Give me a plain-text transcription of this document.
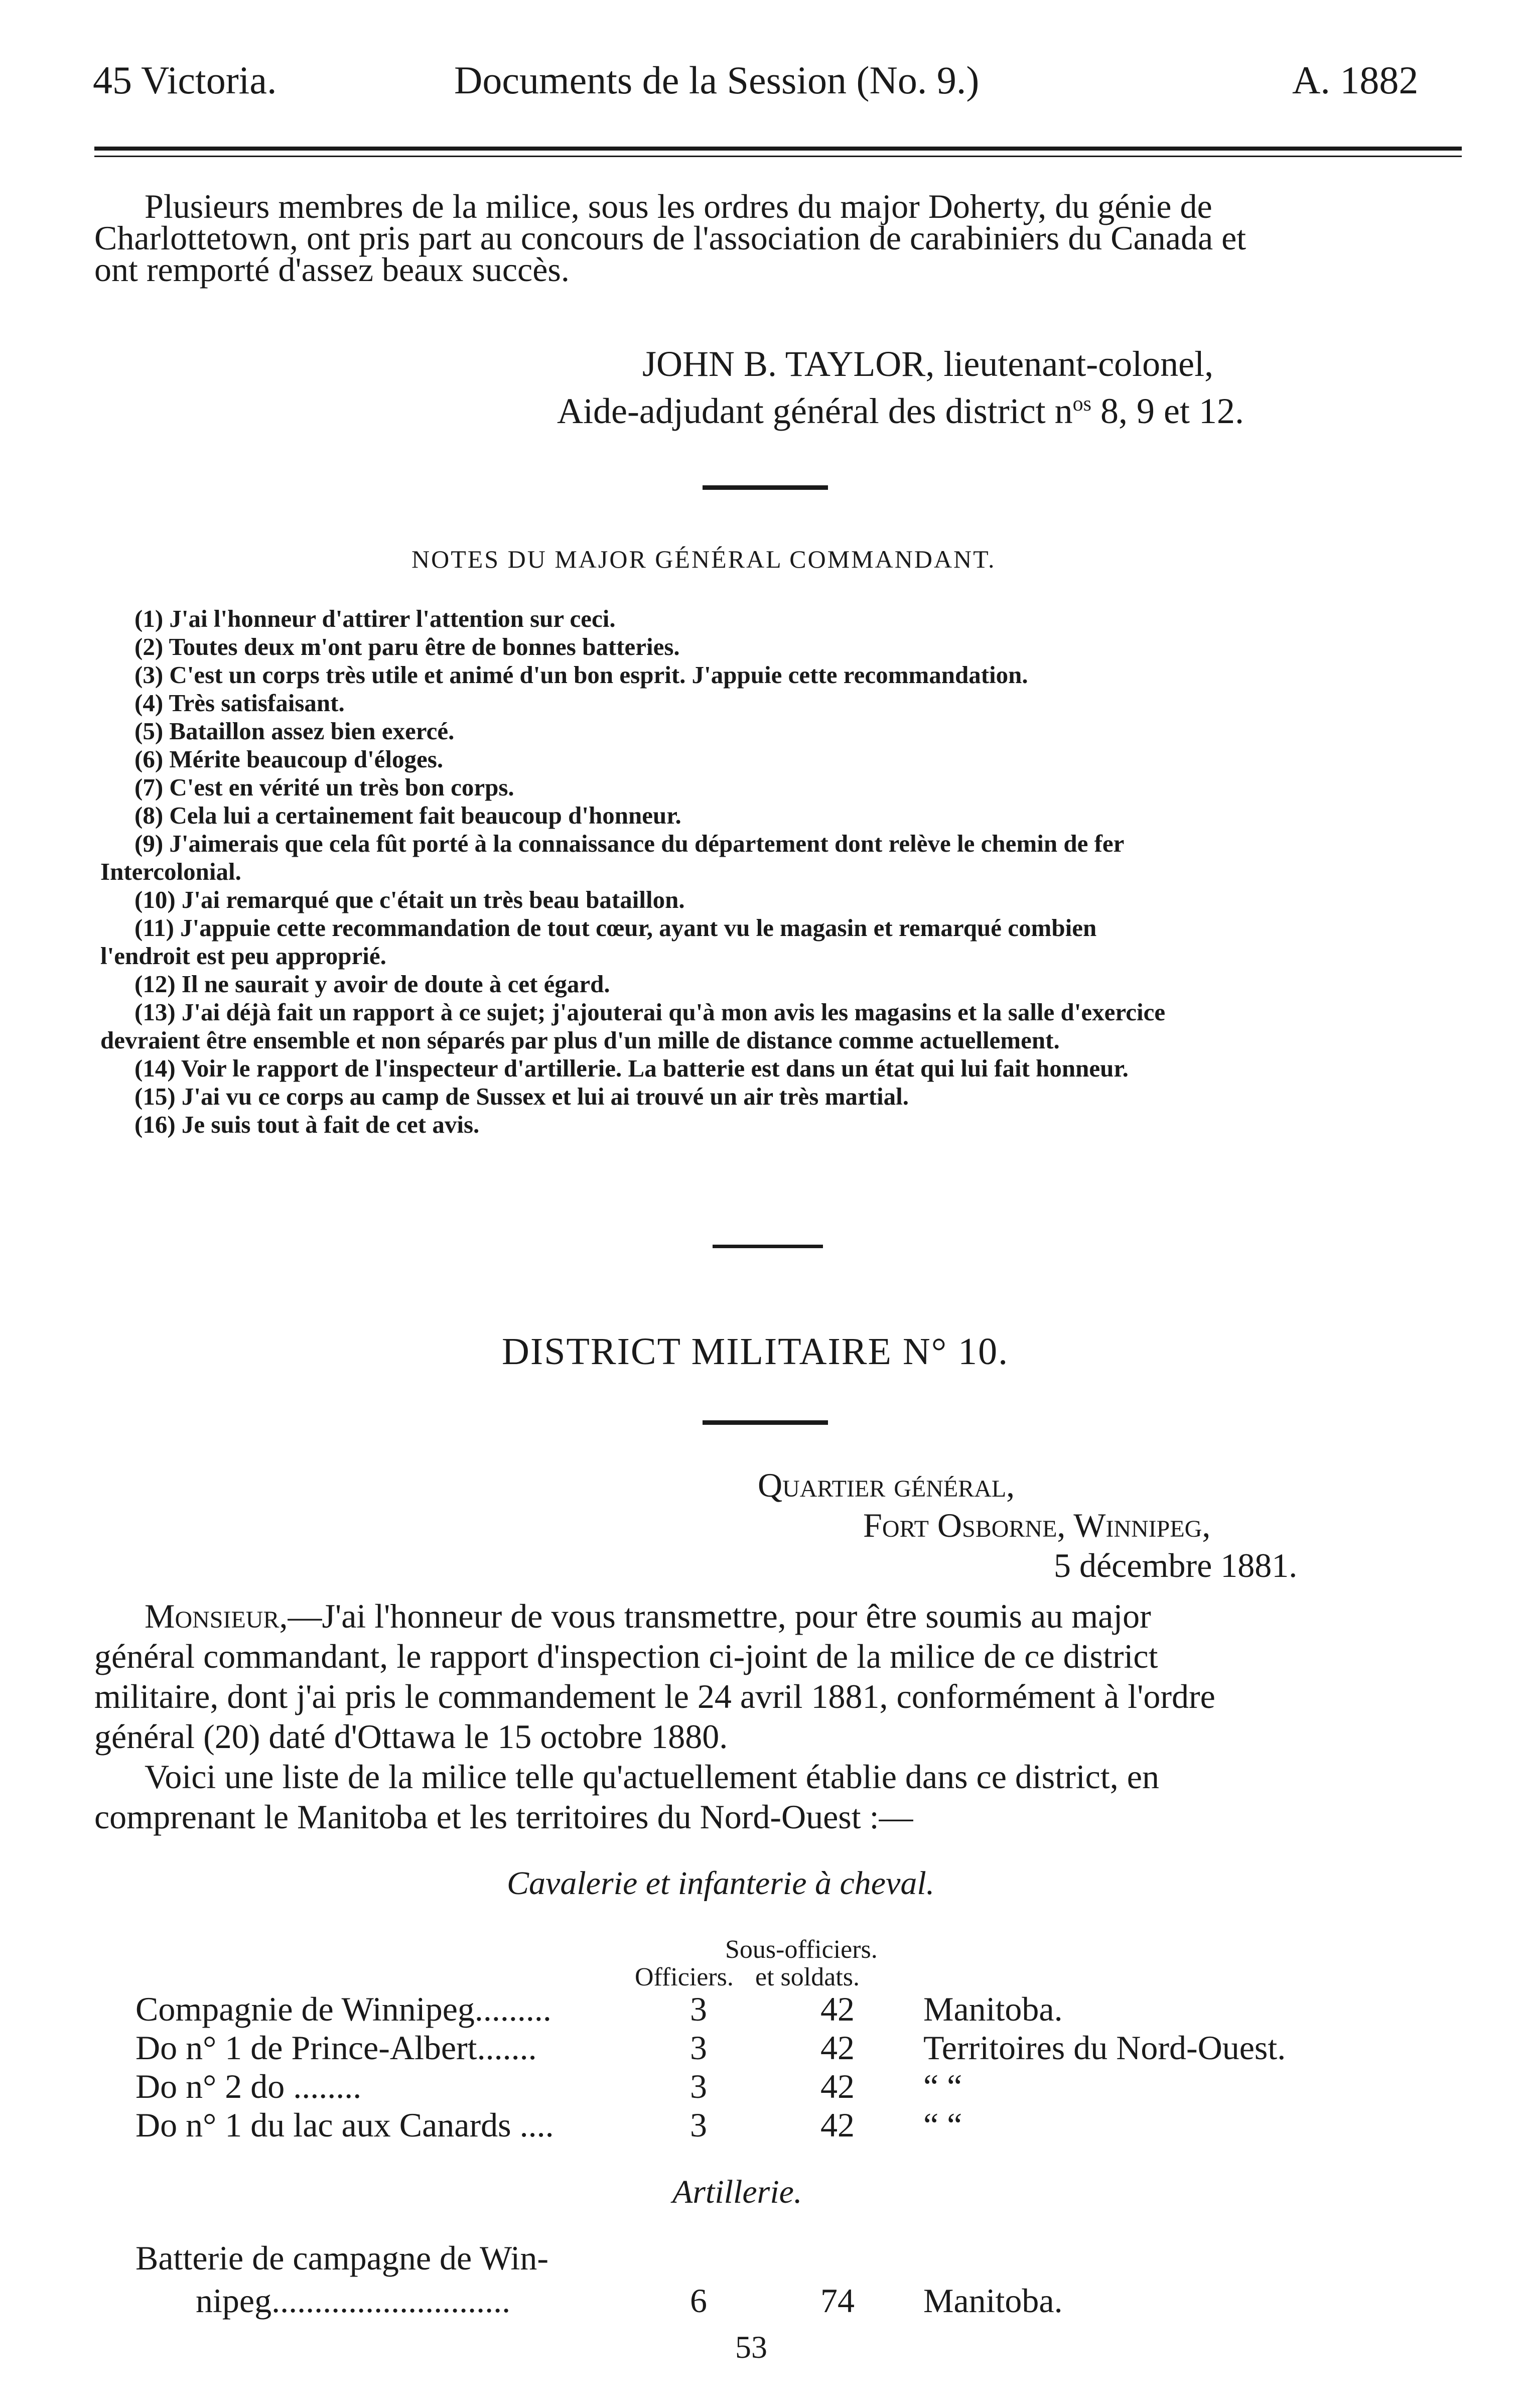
45 Victoria.	Documents de la Session (No. 9.)	A. 1882

Plusieurs membres de la milice, sous les ordres du major Doherty, du génie de

Charlottetown, ont pris part au concours de l'association de carabiniers du Canada et

ont remporté d'assez beaux succès.

JOHN B. TAYLOR, lieutenant-colonel,
Aide-adjudant général des district $n^{os}$ 8, 9 et 12.
NOTES DU MAJOR GÉNÉRAL COMMANDANT.
(1) J'ai l'honneur d'attirer l'attention sur ceci.
(2) Toutes deux m'ont paru être de bonnes batteries.
(3) C'est un corps très utile et animé d'un bon esprit. J'appuie cette recommandation.
(4) Très satisfaisant.
(5) Bataillon assez bien exercé.
(6) Mérite beaucoup d'éloges.
(7) C'est en vérité un très bon corps.
(8) Cela lui a certainement fait beaucoup d'honneur.
(9) J'aimerais que cela fût porté à la connaissance du département dont relève le chemin de fer
Intercolonial.
(10) J'ai remarqué que c'était un très beau bataillon.
(11) J'appuie cette recommandation de tout cœur, ayant vu le magasin et remarqué combien
l'endroit est peu approprié.
(12) Il ne saurait y avoir de doute à cet égard.
(13) J'ai déjà fait un rapport à ce sujet; j'ajouterai qu'à mon avis les magasins et la salle d'exercice
devraient être ensemble et non séparés par plus d'un mille de distance comme actuellement.
(14) Voir le rapport de l'inspecteur d'artillerie. La batterie est dans un état qui lui fait honneur.
(15) J'ai vu ce corps au camp de Sussex et lui ai trouvé un air très martial.
(16) Je suis tout à fait de cet avis.
DISTRICT MILITAIRE N° 10.
Quartier général,
Fort Osborne, Winnipeg,
5 décembre 1881.

Monsieur,—J'ai l'honneur de vous transmettre, pour être soumis au major

général commandant, le rapport d'inspection ci-joint de la milice de ce district

militaire, dont j'ai pris le commandement le 24 avril 1881, conformément à l'ordre

général (20) daté d'Ottawa le 15 octobre 1880.

Voici une liste de la milice telle qu'actuellement établie dans ce district, en

comprenant le Manitoba et les territoires du Nord-Ouest :—

Cavalerie et infanterie à cheval.
Sous-officiers.
Officiers. et soldats.
Compagnie de Winnipeg.........	3	42 Manitoba.
Do n° 1 de Prince-Albert.......	3	42 Territoires du Nord-Ouest.
Do n° 2 do ........	3	42 “ “
Do n° 1 du lac aux Canards ....	3	42 “ “
Artillerie.
Batterie de campagne de Win-
nipeg............................	6	74 Manitoba.
53
